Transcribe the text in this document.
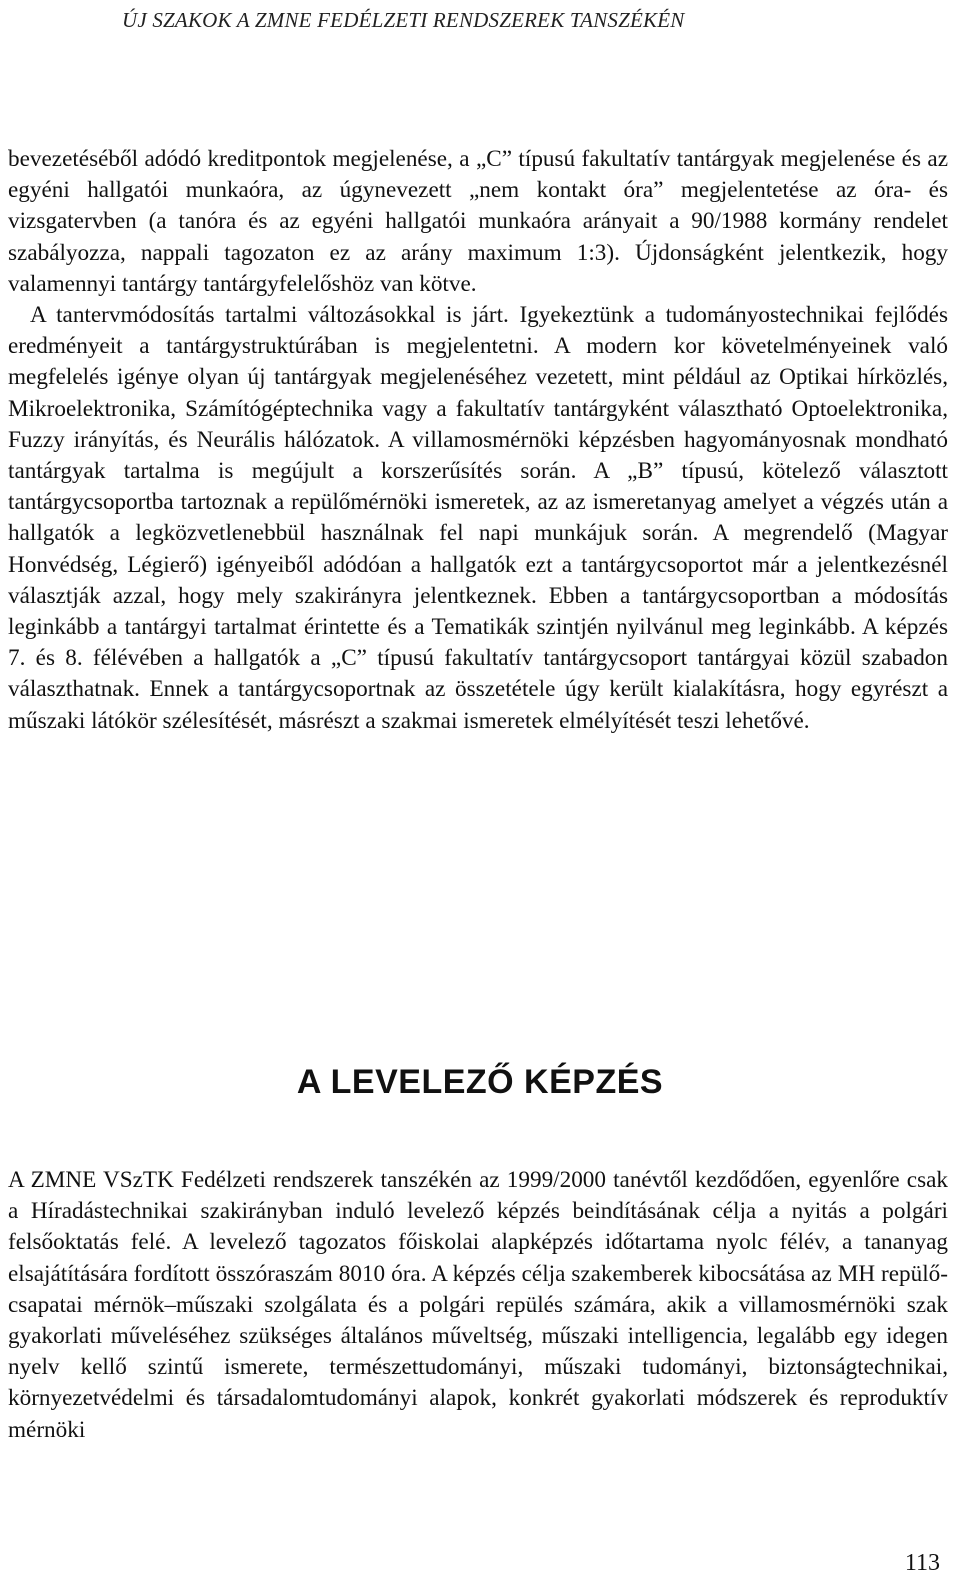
ÚJ SZAKOK A ZMNE FEDÉLZETI RENDSZEREK TANSZÉKÉN

bevezetéséből adódó kreditpontok megjelenése, a „C” típusú fakultatív tantárgyak megjelenése és az egyéni hallgatói munkaóra, az úgynevezett „nem kontakt óra” megjelentetése az óra- és vizsgatervben (a tanóra és az egyéni hallgatói munkaóra arányait a 90/1988 kormány rendelet szabályozza, nappali tagozaton ez az arány maximum 1:3). Újdonságként jelentkezik, hogy valamennyi tantárgy tantárgyfelelőshöz van kötve.

A tantervmódosítás tartalmi változásokkal is járt. Igyekeztünk a tudományostechnikai fejlődés eredményeit a tantárgystruktúrában is megjelentetni. A modern kor követelményeinek való megfelelés igénye olyan új tantárgyak megjelenéséhez vezetett, mint például az Optikai hírközlés, Mikroelektronika, Számítógéptechnika vagy a fakultatív tantárgyként választható Optoelektronika, Fuzzy irányítás, és Neurális hálózatok. A villamosmérnöki képzésben hagyományosnak mondható tantárgyak tartalma is megújult a korszerűsítés során. A „B” típusú, kötelező választott tantárgycsoportba tartoznak a repülőmérnöki ismeretek, az az ismeretanyag amelyet a végzés után a hallgatók a legközvetlenebbül használnak fel napi munkájuk során. A megrendelő (Magyar Honvédség, Légierő) igényeiből adódóan a hallgatók ezt a tantárgycsoportot már a jelentkezésnél választják azzal, hogy mely szakirányra jelentkeznek. Ebben a tantárgycsoportban a módosítás leginkább a tantárgyi tartalmat érintette és a Tematikák szintjén nyilvánul meg leginkább. A képzés 7. és 8. félévében a hallgatók a „C” típusú fakultatív tantárgycsoport tantárgyai közül szabadon választhatnak. Ennek a tantárgycsoportnak az összetétele úgy került kialakításra, hogy egyrészt a műszaki látókör szélesítését, másrészt a szakmai ismeretek elmélyítését teszi lehetővé.

A LEVELEZŐ KÉPZÉS

A ZMNE VSzTK Fedélzeti rendszerek tanszékén az 1999/2000 tanévtől kezdődően, egyenlőre csak a Híradástechnikai szakirányban induló levelező képzés beindításának célja a nyitás a polgári felsőoktatás felé. A levelező tagozatos főiskolai alapképzés időtartama nyolc félév, a tananyag elsajátítására fordított összóraszám 8010 óra. A képzés célja szakemberek kibocsátása az MH repülőcsapatai mérnök–műszaki szolgálata és a polgári repülés számára, akik a villamosmérnöki szak gyakorlati műveléséhez szükséges általános műveltség, műszaki intelligencia, legalább egy idegen nyelv kellő szintű ismerete, természettudományi, műszaki tudományi, biztonságtechnikai, környezetvédelmi és társadalomtudományi alapok, konkrét gyakorlati módszerek és reproduktív mérnöki

113
